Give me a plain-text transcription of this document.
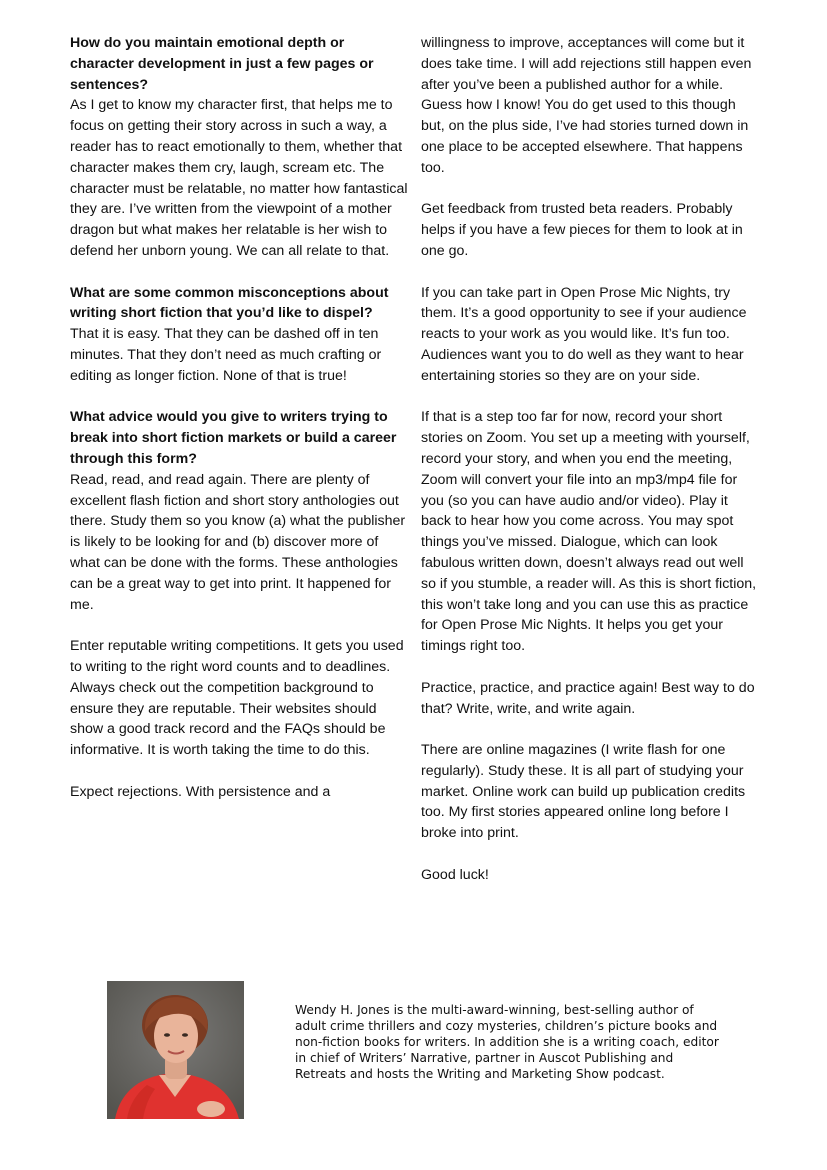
How do you maintain emotional depth or character development in just a few pages or sentences?

As I get to know my character first, that helps me to focus on getting their story across in such a way, a reader has to react emotionally to them, whether that character makes them cry, laugh, scream etc. The character must be relatable, no matter how fantastical they are. I’ve written from the viewpoint of a mother dragon but what makes her relatable is her wish to defend her unborn young. We can all relate to that.

What are some common misconceptions about writing short fiction that you’d like to dispel?

That it is easy. That they can be dashed off in ten minutes. That they don’t need as much crafting or editing as longer fiction. None of that is true!

What advice would you give to writers trying to break into short fiction markets or build a career through this form?

Read, read, and read again. There are plenty of excellent flash fiction and short story anthologies out there. Study them so you know (a) what the publisher is likely to be looking for and (b) discover more of what can be done with the forms. These anthologies can be a great way to get into print. It happened for me.

Enter reputable writing competitions. It gets you used to writing to the right word counts and to deadlines. Always check out the competition background to ensure they are reputable. Their websites should show a good track record and the FAQs should be informative. It is worth taking the time to do this.

Expect rejections. With persistence and a

willingness to improve, acceptances will come but it does take time. I will add rejections still happen even after you’ve been a published author for a while. Guess how I know! You do get used to this though but, on the plus side, I’ve had stories turned down in one place to be accepted elsewhere. That happens too.

Get feedback from trusted beta readers. Probably helps if you have a few pieces for them to look at in one go.

If you can take part in Open Prose Mic Nights, try them. It’s a good opportunity to see if your audience reacts to your work as you would like. It’s fun too. Audiences want you to do well as they want to hear entertaining stories so they are on your side.

If that is a step too far for now, record your short stories on Zoom. You set up a meeting with yourself, record your story, and when you end the meeting, Zoom will convert your file into an mp3/mp4 file for you (so you can have audio and/or video). Play it back to hear how you come across. You may spot things you’ve missed. Dialogue, which can look fabulous written down, doesn’t always read out well so if you stumble, a reader will. As this is short fiction, this won’t take long and you can use this as practice for Open Prose Mic Nights. It helps you get your timings right too.

Practice, practice, and practice again! Best way to do that? Write, write, and write again.

There are online magazines (I write flash for one regularly). Study these. It is all part of studying your market. Online work can build up publication credits too. My first stories appeared online long before I broke into print.

Good luck!

Wendy H. Jones is the multi-award-winning, best-selling author of adult crime thrillers and cozy mysteries, children’s picture books and non-fiction books for writers. In addition she is a writing coach, editor in chief of Writers’ Narrative, partner in Auscot Publishing and Retreats and hosts the Writing and Marketing Show podcast.
